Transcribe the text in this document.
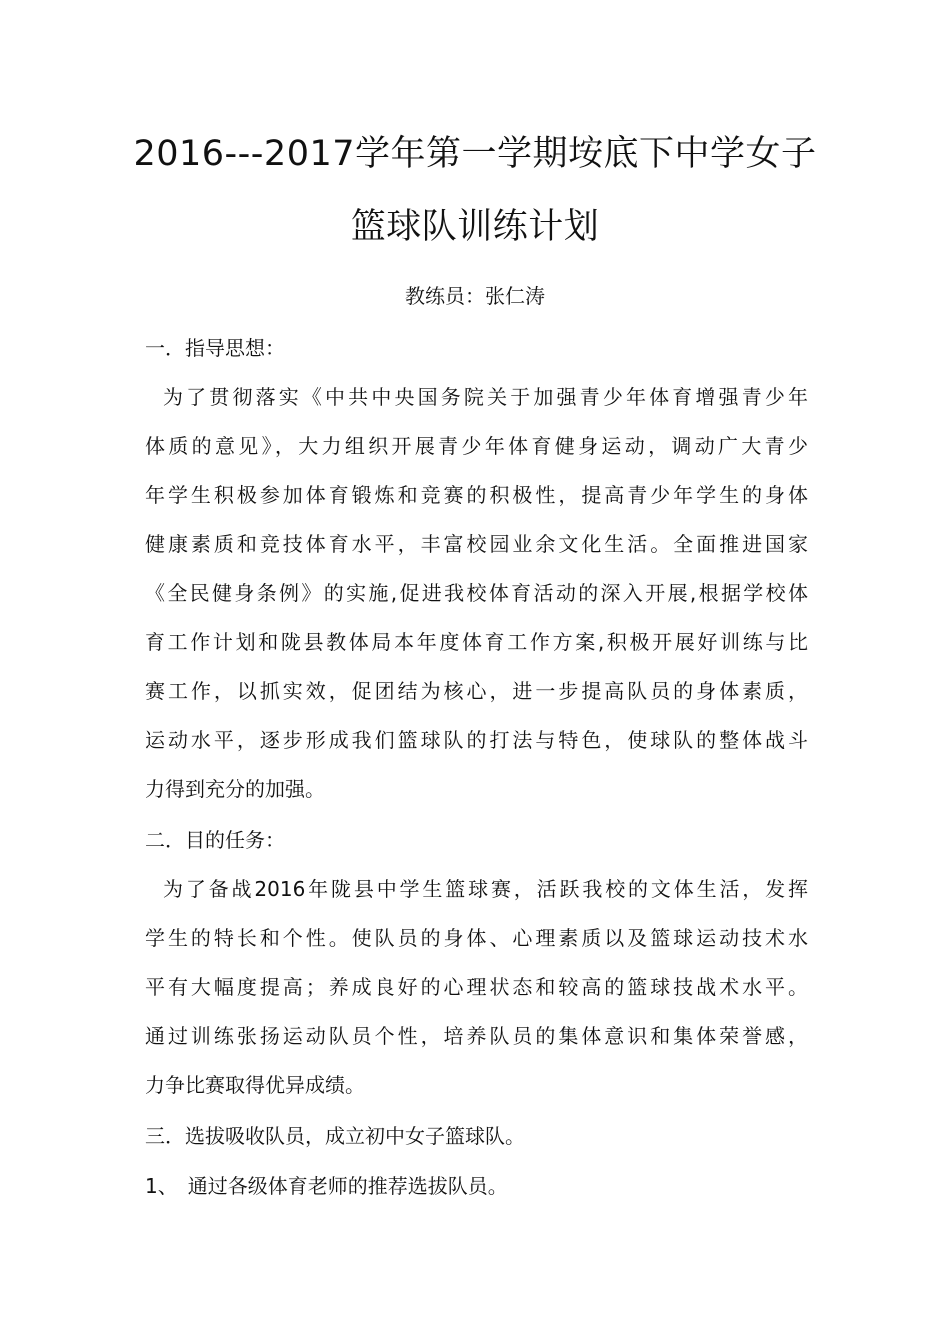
2016---2017学年第一学期垵底下中学女子
篮球队训练计划
教练员：张仁涛
一．指导思想：
为了贯彻落实《中共中央国务院关于加强青少年体育增强青少年
体质的意见》，大力组织开展青少年体育健身运动，调动广大青少
年学生积极参加体育锻炼和竞赛的积极性，提高青少年学生的身体
健康素质和竞技体育水平，丰富校园业余文化生活。全面推进国家
《全民健身条例》的实施,促进我校体育活动的深入开展,根据学校体
育工作计划和陇县教体局本年度体育工作方案,积极开展好训练与比
赛工作，以抓实效，促团结为核心，进一步提高队员的身体素质，
运动水平，逐步形成我们篮球队的打法与特色，使球队的整体战斗
力得到充分的加强。
二．目的任务：
为了备战2016年陇县中学生篮球赛，活跃我校的文体生活，发挥
学生的特长和个性。使队员的身体、心理素质以及篮球运动技术水
平有大幅度提高；养成良好的心理状态和较高的篮球技战术水平。
通过训练张扬运动队员个性，培养队员的集体意识和集体荣誉感，
力争比赛取得优异成绩。
三．选拔吸收队员，成立初中女子篮球队。
1、　通过各级体育老师的推荐选拔队员。
